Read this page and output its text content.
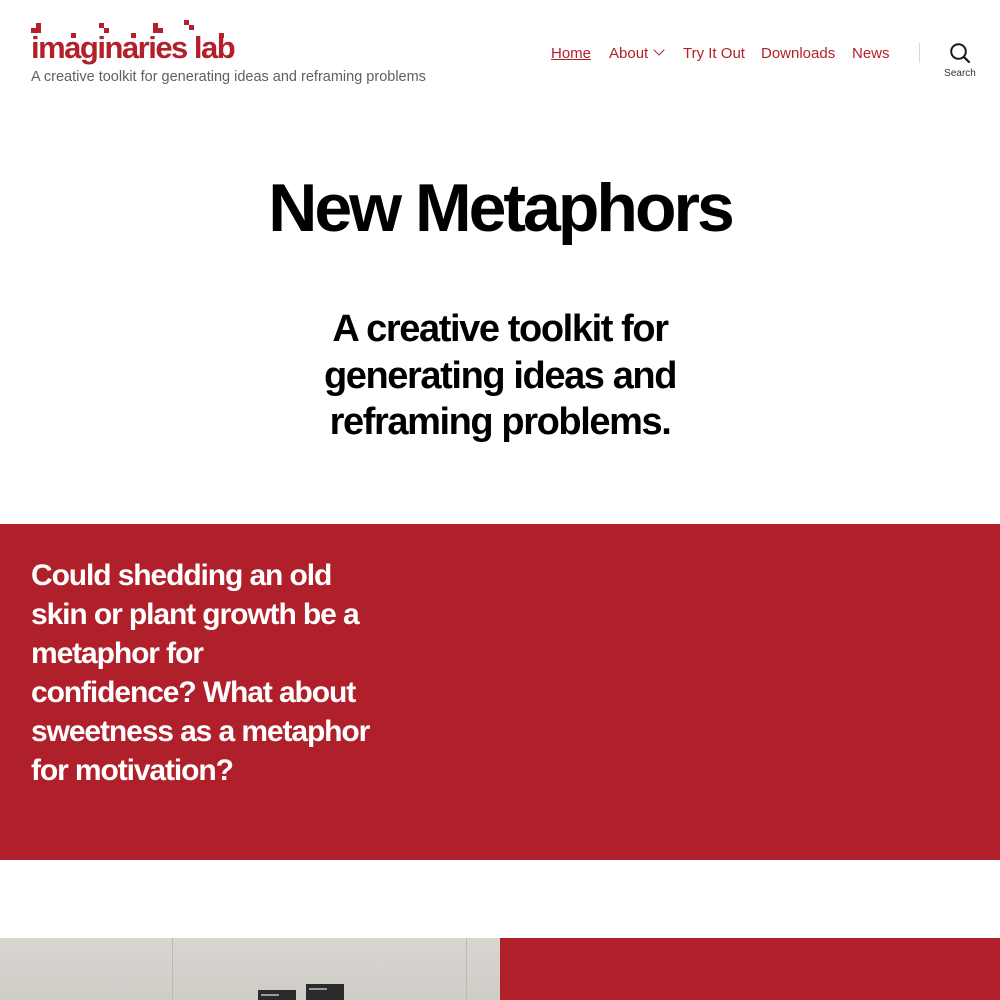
imaginaries lab
A creative toolkit for generating ideas and reframing problems
Home About	Try It Out Downloads News
Search
New Metaphors
A creative toolkit for generating ideas and reframing problems.

Could shedding an old skin or plant growth be a metaphor for confidence? What about sweetness as a metaphor for motivation?
